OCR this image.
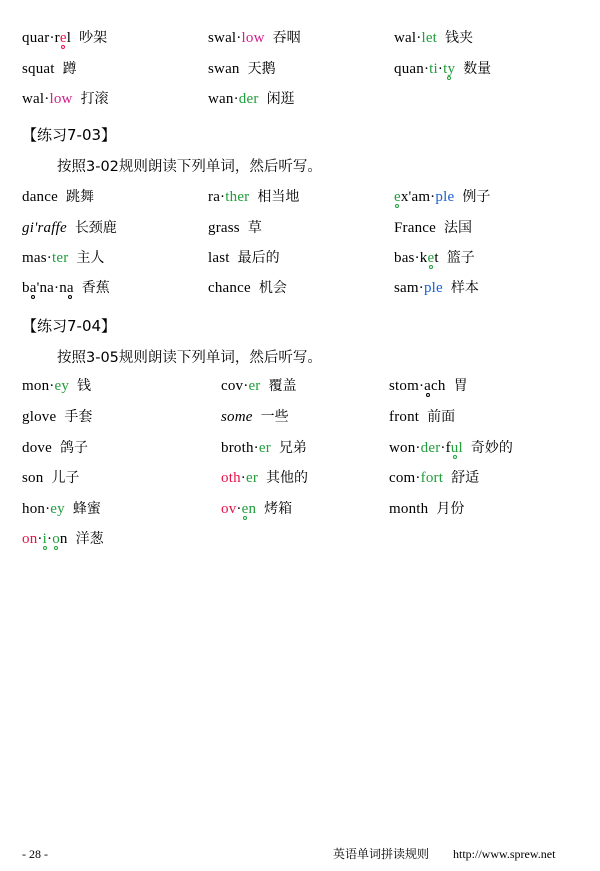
quar·rel 吵架	swal·low 吞咽	wal·let 钱夹
squat 蹲	swan 天鹅	quan·ti·ty 数量
wal·low 打滚	wan·der 闲逛
【练习7-03】
按照3-02规则朗读下列单词，然后听写。
dance 跳舞	ra·ther 相当地	ex'am·ple 例子
gi'raffe 长颈鹿	grass 草	France 法国
mas·ter 主人	last 最后的	bas·ket 篮子
ba'na·na 香蕉	chance 机会	sam·ple 样本
【练习7-04】
按照3-05规则朗读下列单词，然后听写。
mon·ey 钱	cov·er 覆盖	stom·ach 胃
glove 手套	some 一些	front 前面
dove 鸽子	broth·er 兄弟	won·der·ful 奇妙的
son 儿子	oth·er 其他的	com·fort 舒适
hon·ey 蜂蜜	ov·en 烤箱	month 月份
on·i·on 洋葱
- 28 -	英语单词拼读规则 http://www.sprew.net
